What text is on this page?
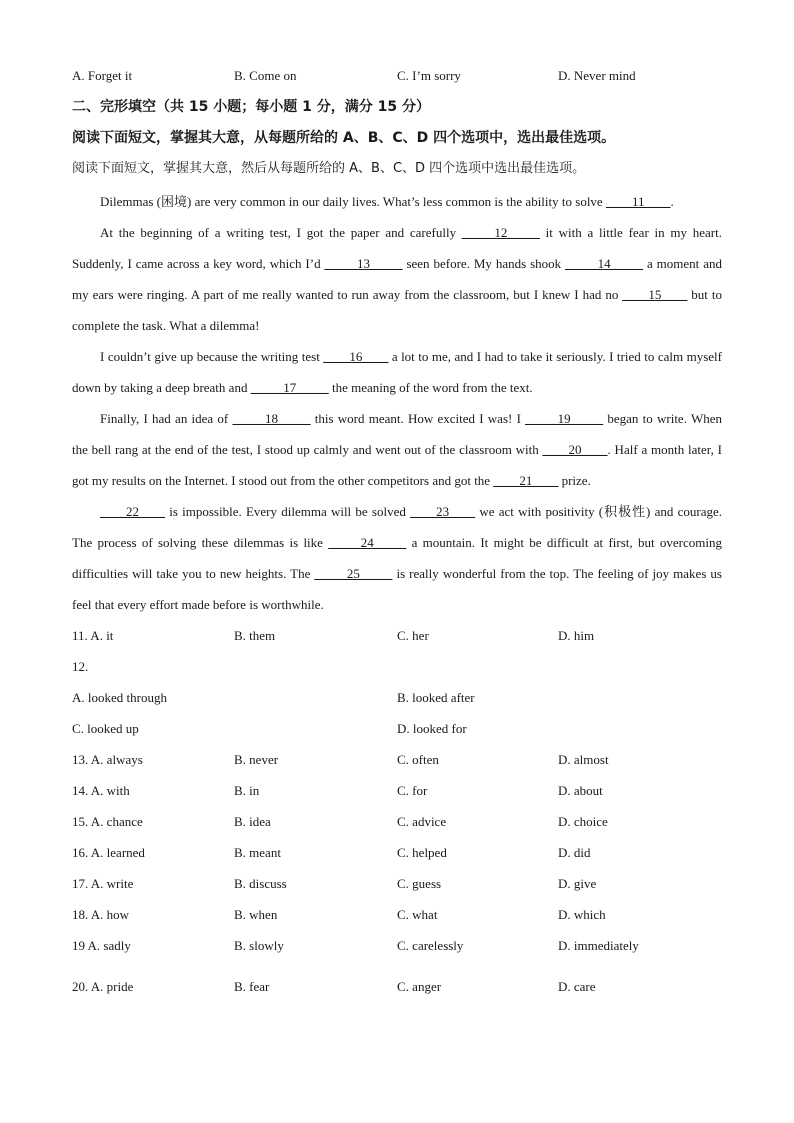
A. Forget it	B. Come on	C. I’m sorry	D. Never mind
二、完形填空（共 15 小题；每小题 1 分，满分 15 分）
阅读下面短文，掌握其大意，从每题所给的 A、B、C、D 四个选项中，选出最佳选项。
阅读下面短文，掌握其大意，然后从每题所给的 A、B、C、D 四个选项中选出最佳选项。

Dilemmas (困境) are very common in our daily lives. What’s less common is the ability to solve ____11____.

At the beginning of a writing test, I got the paper and carefully _____12_____ it with a little fear in my heart. Suddenly, I came across a key word, which I’d _____13_____ seen before. My hands shook _____14_____ a moment and my ears were ringing. A part of me really wanted to run away from the classroom, but I knew I had no ____15____ but to complete the task. What a dilemma!

I couldn’t give up because the writing test ____16____ a lot to me, and I had to take it seriously. I tried to calm myself down by taking a deep breath and _____17_____ the meaning of the word from the text.

Finally, I had an idea of _____18_____ this word meant. How excited I was! I _____19_____ began to write. When the bell rang at the end of the test, I stood up calmly and went out of the classroom with ____20____. Half a month later, I got my results on the Internet. I stood out from the other competitors and got the ____21____ prize.

____22____ is impossible. Every dilemma will be solved ____23____ we act with positivity (积极性) and courage. The process of solving these dilemmas is like _____24_____ a mountain. It might be difficult at first, but overcoming difficulties will take you to new heights. The _____25_____ is really wonderful from the top. The feeling of joy makes us feel that every effort made before is worthwhile.

11. A. it	B. them	C. her	D. him
12.
A. looked through	B. looked after
C. looked up	D. looked for
13. A. always	B. never	C. often	D. almost
14. A. with	B. in	C. for	D. about
15. A. chance	B. idea	C. advice	D. choice
16. A. learned	B. meant	C. helped	D. did
17. A. write	B. discuss	C. guess	D. give
18. A. how	B. when	C. what	D. which
19 A. sadly	B. slowly	C. carelessly	D. immediately
20. A. pride	B. fear	C. anger	D. care
